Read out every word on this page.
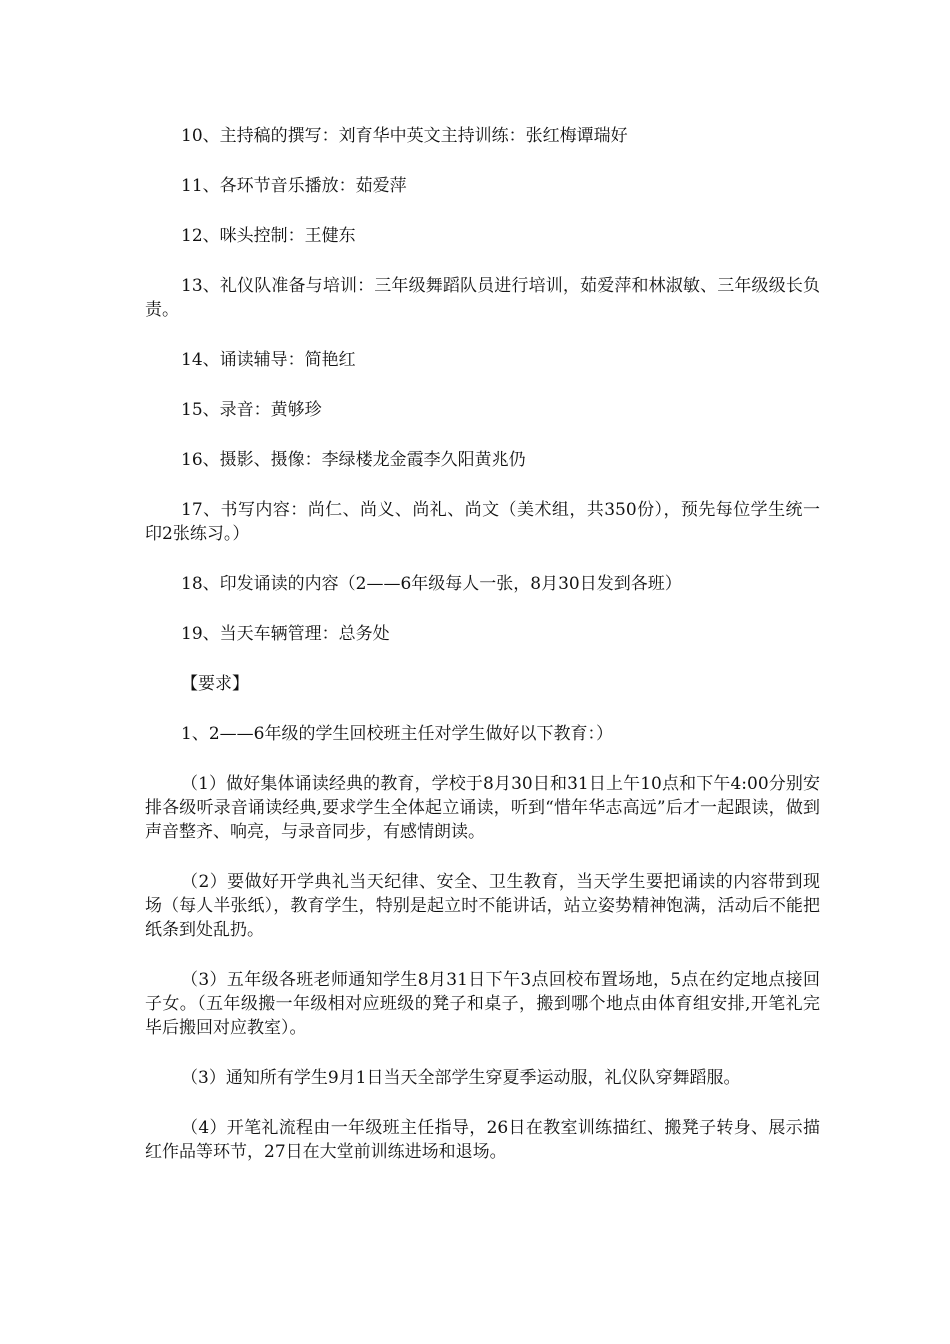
10、主持稿的撰写：刘育华中英文主持训练：张红梅谭瑞好

11、各环节音乐播放：茹爱萍

12、咪头控制：王健东

13、礼仪队准备与培训：三年级舞蹈队员进行培训，茹爱萍和林淑敏、三年级级长负责。

14、诵读辅导：简艳红

15、录音：黄够珍

16、摄影、摄像：李绿楼龙金霞李久阳黄兆仍

17、书写内容：尚仁、尚义、尚礼、尚文（美术组，共350份），预先每位学生统一印2张练习。）

18、印发诵读的内容（2——6年级每人一张，8月30日发到各班）

19、当天车辆管理：总务处

【要求】

1、2——6年级的学生回校班主任对学生做好以下教育：）

（1）做好集体诵读经典的教育，学校于8月30日和31日上午10点和下午4:00分别安排各级听录音诵读经典,要求学生全体起立诵读，听到“惜年华志高远”后才一起跟读，做到声音整齐、响亮，与录音同步，有感情朗读。

（2）要做好开学典礼当天纪律、安全、卫生教育，当天学生要把诵读的内容带到现场（每人半张纸），教育学生，特别是起立时不能讲话，站立姿势精神饱满，活动后不能把纸条到处乱扔。

（3）五年级各班老师通知学生8月31日下午3点回校布置场地，5点在约定地点接回子女。（五年级搬一年级相对应班级的凳子和桌子，搬到哪个地点由体育组安排,开笔礼完毕后搬回对应教室）。

（3）通知所有学生9月1日当天全部学生穿夏季运动服，礼仪队穿舞蹈服。

（4）开笔礼流程由一年级班主任指导，26日在教室训练描红、搬凳子转身、展示描红作品等环节，27日在大堂前训练进场和退场。
